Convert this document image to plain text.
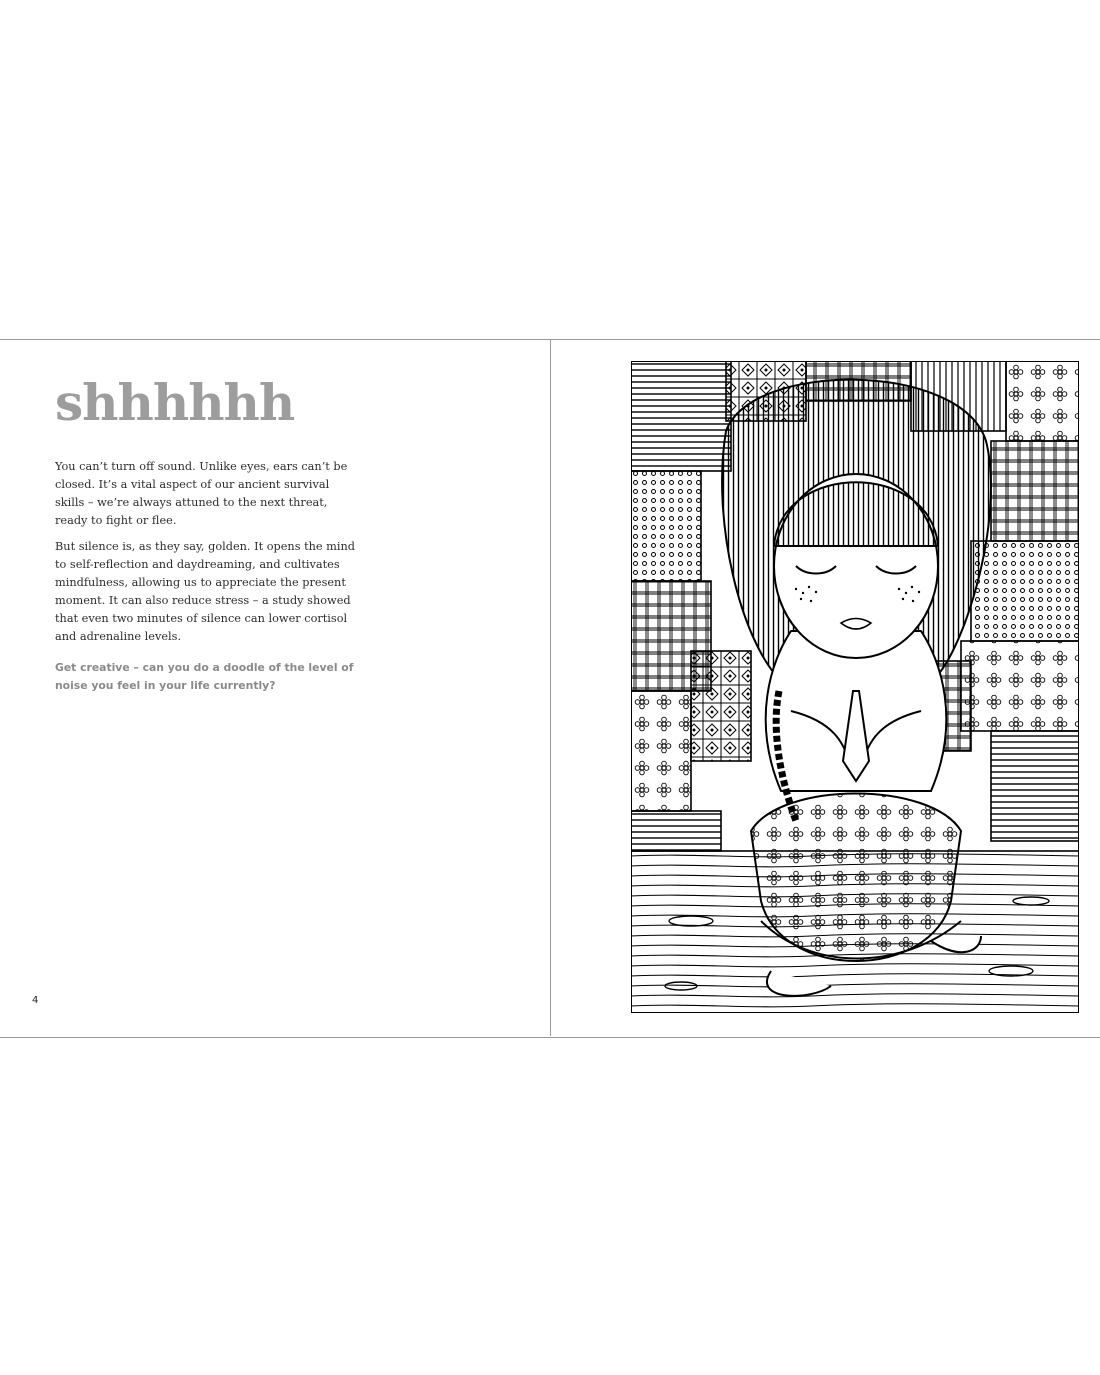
shhhhhh

You can’t turn off sound. Unlike eyes, ears can’t be closed. It’s a vital aspect of our ancient survival skills – we’re always attuned to the next threat, ready to fight or flee.

But silence is, as they say, golden. It opens the mind to self-reflection and daydreaming, and cultivates mindfulness, allowing us to appreciate the present moment. It can also reduce stress – a study showed that even two minutes of silence can lower cortisol and adrenaline levels.

Get creative – can you do a doodle of the level of noise you feel in your life currently?

4
